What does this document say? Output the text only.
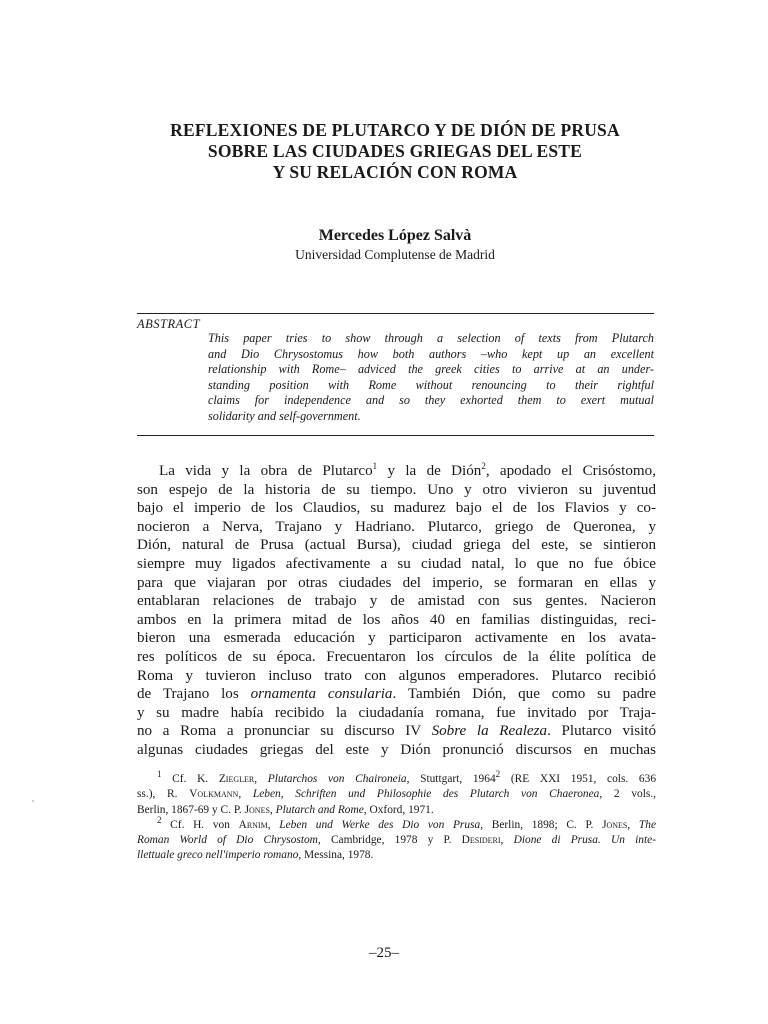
REFLEXIONES DE PLUTARCO Y DE DIÓN DE PRUSA
SOBRE LAS CIUDADES GRIEGAS DEL ESTE
Y SU RELACIÓN CON ROMA
Mercedes López Salvà
Universidad Complutense de Madrid
ABSTRACT
This paper tries to show through a selection of texts from Plutarch
and Dio Chrysostomus how both authors –who kept up an excellent
relationship with Rome– adviced the greek cities to arrive at an under-
standing position with Rome without renouncing to their rightful
claims for independence and so they exhorted them to exert mutual
solidarity and self-government.
La vida y la obra de Plutarco$^1$ y la de Dión$^2$, apodado el Crisóstomo,
son espejo de la historia de su tiempo. Uno y otro vivieron su juventud
bajo el imperio de los Claudios, su madurez bajo el de los Flavios y co-
nocieron a Nerva, Trajano y Hadriano. Plutarco, griego de Queronea, y
Dión, natural de Prusa (actual Bursa), ciudad griega del este, se sintieron
siempre muy ligados afectivamente a su ciudad natal, lo que no fue óbice
para que viajaran por otras ciudades del imperio, se formaran en ellas y
entablaran relaciones de trabajo y de amistad con sus gentes. Nacieron
ambos en la primera mitad de los años 40 en familias distinguidas, reci-
bieron una esmerada educación y participaron activamente en los avata-
res políticos de su época. Frecuentaron los círculos de la élite política de
Roma y tuvieron incluso trato con algunos emperadores. Plutarco recibió
de Trajano los ornamenta consularia. También Dión, que como su padre
y su madre había recibido la ciudadanía romana, fue invitado por Traja-
no a Roma a pronunciar su discurso IV Sobre la Realeza. Plutarco visitó
algunas ciudades griegas del este y Dión pronunció discursos en muchas
$^1$ Cf. K. Ziegler, Plutarchos von Chaironeia, Stuttgart, 1964$^2$ (RE XXI 1951, cols. 636
ss.), R. Volkmann, Leben, Schriften und Philosophie des Plutarch von Chaeronea, 2 vols.,
Berlin, 1867-69 y C. P. Jones, Plutarch and Rome, Oxford, 1971.
$^2$ Cf. H. von Arnim, Leben und Werke des Dio von Prusa, Berlin, 1898; C. P. Jones, The
Roman World of Dio Chrysostom, Cambridge, 1978 y P. Desideri, Dione di Prusa. Un inte-
llettuale greco nell'imperio romano, Messina, 1978.
–25–
